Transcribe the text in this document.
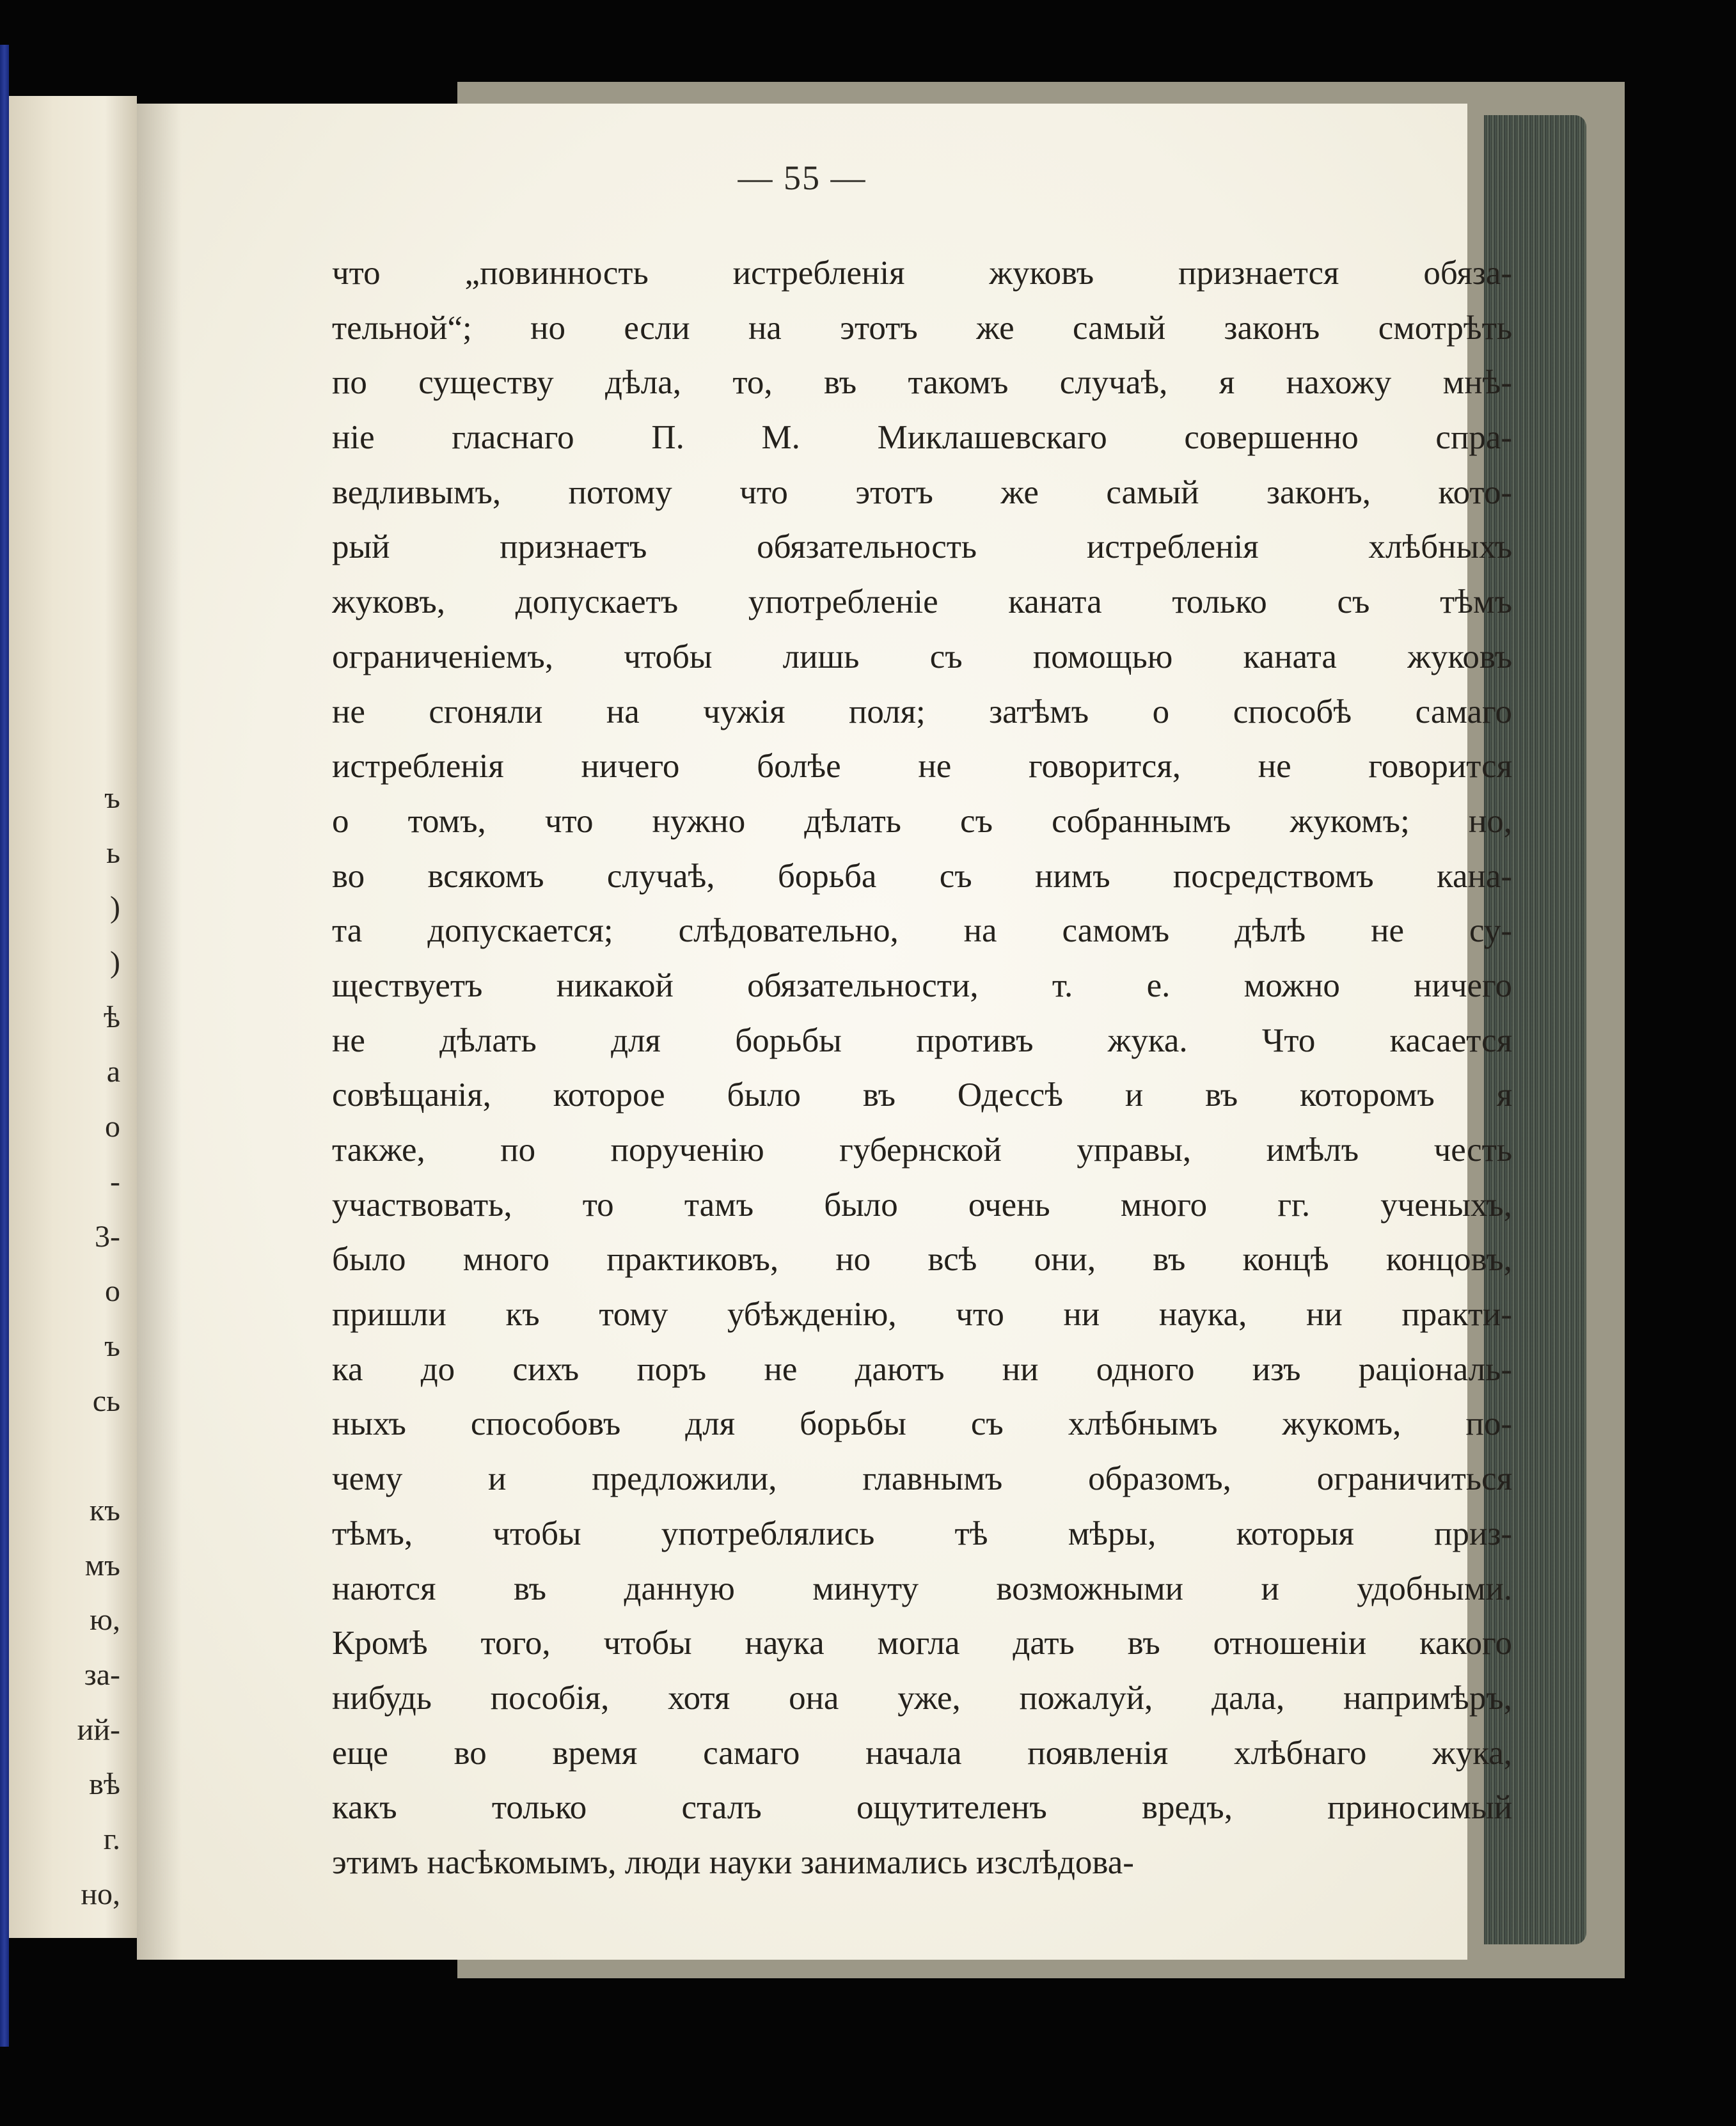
ъ
ь
)
)
ѣ
a
o
-
3-
o
ъ
сь
къ
мъ
ю,
за-
ий-
вѣ
г.
но,
— 55 —
что „повинность истребленія жуковъ признается обяза-
тельной“; но если на этотъ же самый законъ смотрѣть
по существу дѣла, то, въ такомъ случаѣ, я нахожу мнѣ-
ніе гласнаго П. М. Миклашевскаго совершенно спра-
ведливымъ, потому что этотъ же самый законъ, кото-
рый признаетъ обязательность истребленія хлѣбныхъ
жуковъ, допускаетъ употребленіе каната только съ тѣмъ
ограниченіемъ, чтобы лишь съ помощью каната жуковъ
не сгоняли на чужія поля; затѣмъ о способѣ самаго
истребленія ничего болѣе не говорится, не говорится
о томъ, что нужно дѣлать съ собраннымъ жукомъ; но,
во всякомъ случаѣ, борьба съ нимъ посредствомъ кана-
та допускается; слѣдовательно, на самомъ дѣлѣ не су-
ществуетъ никакой обязательности, т. е. можно ничего
не дѣлать для борьбы противъ жука. Что касается
совѣщанія, которое было въ Одессѣ и въ которомъ я
также, по порученію губернской управы, имѣлъ честь
участвовать, то тамъ было очень много гг. ученыхъ,
было много практиковъ, но всѣ они, въ концѣ концовъ,
пришли къ тому убѣжденію, что ни наука, ни практи-
ка до сихъ поръ не даютъ ни одного изъ раціональ-
ныхъ способовъ для борьбы съ хлѣбнымъ жукомъ, по-
чему и предложили, главнымъ образомъ, ограничиться
тѣмъ, чтобы употреблялись тѣ мѣры, которыя приз-
наются въ данную минуту возможными и удобными.
Кромѣ того, чтобы наука могла дать въ отношеніи какого
нибудь пособія, хотя она уже, пожалуй, дала, напримѣръ,
еще во время самаго начала появленія хлѣбнаго жука,
какъ только сталъ ощутителенъ вредъ, приносимый
этимъ насѣкомымъ, люди науки занимались изслѣдова-
